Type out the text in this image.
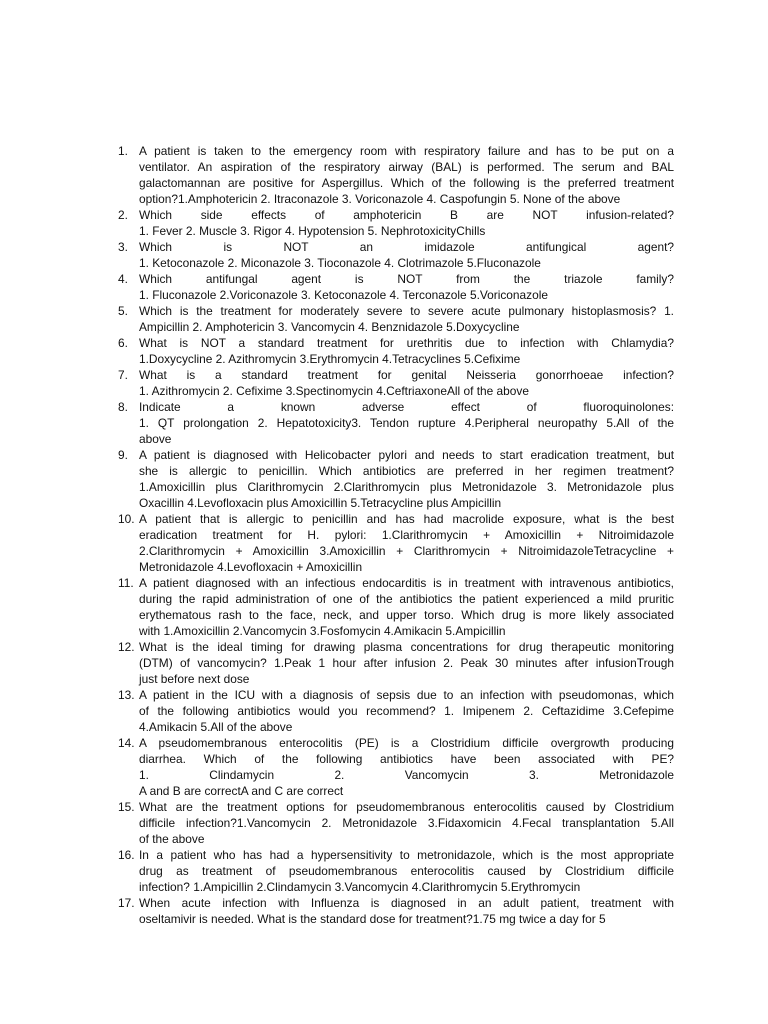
1. A patient is taken to the emergency room with respiratory failure and has to be put on a
ventilator. An aspiration of the respiratory airway (BAL) is performed. The serum and BAL
galactomannan are positive for Aspergillus. Which of the following is the preferred treatment
option?1.Amphotericin 2. Itraconazole 3. Voriconazole 4. Caspofungin 5. None of the above
2. Which side effects of amphotericin B are NOT infusion-related?
1. Fever 2. Muscle 3. Rigor 4. Hypotension 5. NephrotoxicityChills
3. Which is NOT an imidazole antifungical agent?
1. Ketoconazole 2. Miconazole 3. Tioconazole 4. Clotrimazole 5.Fluconazole
4. Which antifungal agent is NOT from the triazole family?
1. Fluconazole 2.Voriconazole 3. Ketoconazole 4. Terconazole 5.Voriconazole
5. Which is the treatment for moderately severe to severe acute pulmonary histoplasmosis? 1.
Ampicillin 2. Amphotericin 3. Vancomycin 4. Benznidazole 5.Doxycycline
6. What is NOT a standard treatment for urethritis due to infection with Chlamydia?
1.Doxycycline 2. Azithromycin 3.Erythromycin 4.Tetracyclines 5.Cefixime
7. What is a standard treatment for genital Neisseria gonorrhoeae infection?
1. Azithromycin 2. Cefixime 3.Spectinomycin 4.CeftriaxoneAll of the above
8. Indicate a known adverse effect of fluoroquinolones:
1. QT prolongation 2. Hepatotoxicity3. Tendon rupture 4.Peripheral neuropathy 5.All of the
above
9. A patient is diagnosed with Helicobacter pylori and needs to start eradication treatment, but
she is allergic to penicillin. Which antibiotics are preferred in her regimen treatment?
1.Amoxicillin plus Clarithromycin 2.Clarithromycin plus Metronidazole 3. Metronidazole plus
Oxacillin 4.Levofloxacin plus Amoxicillin 5.Tetracycline plus Ampicillin
10. A patient that is allergic to penicillin and has had macrolide exposure, what is the best
eradication treatment for H. pylori: 1.Clarithromycin + Amoxicillin + Nitroimidazole
2.Clarithromycin + Amoxicillin 3.Amoxicillin + Clarithromycin + NitroimidazoleTetracycline +
Metronidazole 4.Levofloxacin + Amoxicillin
11. A patient diagnosed with an infectious endocarditis is in treatment with intravenous antibiotics,
during the rapid administration of one of the antibiotics the patient experienced a mild pruritic
erythematous rash to the face, neck, and upper torso. Which drug is more likely associated
with 1.Amoxicillin 2.Vancomycin 3.Fosfomycin 4.Amikacin 5.Ampicillin
12. What is the ideal timing for drawing plasma concentrations for drug therapeutic monitoring
(DTM) of vancomycin? 1.Peak 1 hour after infusion 2. Peak 30 minutes after infusionTrough
just before next dose
13. A patient in the ICU with a diagnosis of sepsis due to an infection with pseudomonas, which
of the following antibiotics would you recommend? 1. Imipenem 2. Ceftazidime 3.Cefepime
4.Amikacin 5.All of the above
14. A pseudomembranous enterocolitis (PE) is a Clostridium difficile overgrowth producing
diarrhea. Which of the following antibiotics have been associated with PE?
1. Clindamycin 2. Vancomycin 3. Metronidazole
A and B are correctA and C are correct
15. What are the treatment options for pseudomembranous enterocolitis caused by Clostridium
difficile infection?1.Vancomycin 2. Metronidazole 3.Fidaxomicin 4.Fecal transplantation 5.All
of the above
16. In a patient who has had a hypersensitivity to metronidazole, which is the most appropriate
drug as treatment of pseudomembranous enterocolitis caused by Clostridium difficile
infection? 1.Ampicillin 2.Clindamycin 3.Vancomycin 4.Clarithromycin 5.Erythromycin
17. When acute infection with Influenza is diagnosed in an adult patient, treatment with
oseltamivir is needed. What is the standard dose for treatment?1.75 mg twice a day for 5
